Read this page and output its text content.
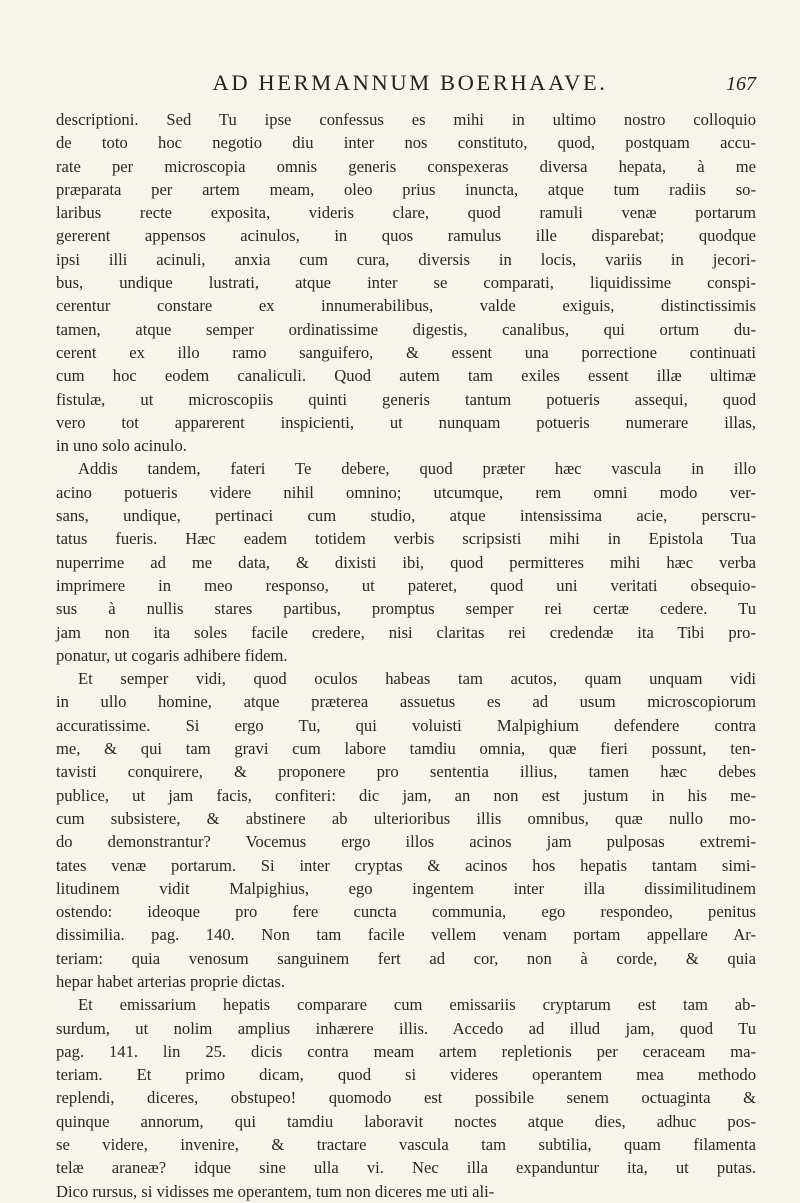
AD HERMANNUM BOERHAAVE.	167
descriptioni. Sed Tu ipse confessus es mihi in ultimo nostro colloquio
de toto hoc negotio diu inter nos constituto, quod, postquam accu-
rate per microscopia omnis generis conspexeras diversa hepata, à me
præparata per artem meam, oleo prius inuncta, atque tum radiis so-
laribus recte exposita, videris clare, quod ramuli venæ portarum
gererent appensos acinulos, in quos ramulus ille disparebat; quodque
ipsi illi acinuli, anxia cum cura, diversis in locis, variis in jecori-
bus, undique lustrati, atque inter se comparati, liquidissime conspi-
cerentur constare ex innumerabilibus, valde exiguis, distinctissimis
tamen, atque semper ordinatissime digestis, canalibus, qui ortum du-
cerent ex illo ramo sanguifero, & essent una porrectione continuati
cum hoc eodem canaliculi. Quod autem tam exiles essent illæ ultimæ
fistulæ, ut microscopiis quinti generis tantum potueris assequi, quod
vero tot apparerent inspicienti, ut nunquam potueris numerare illas,
in uno solo acinulo.
Addis tandem, fateri Te debere, quod præter hæc vascula in illo
acino potueris videre nihil omnino; utcumque, rem omni modo ver-
sans, undique, pertinaci cum studio, atque intensissima acie, perscru-
tatus fueris. Hæc eadem totidem verbis scripsisti mihi in Epistola Tua
nuperrime ad me data, & dixisti ibi, quod permitteres mihi hæc verba
imprimere in meo responso, ut pateret, quod uni veritati obsequio-
sus à nullis stares partibus, promptus semper rei certæ cedere. Tu
jam non ita soles facile credere, nisi claritas rei credendæ ita Tibi pro-
ponatur, ut cogaris adhibere fidem.
Et semper vidi, quod oculos habeas tam acutos, quam unquam vidi
in ullo homine, atque præterea assuetus es ad usum microscopiorum
accuratissime. Si ergo Tu, qui voluisti Malpighium defendere contra
me, & qui tam gravi cum labore tamdiu omnia, quæ fieri possunt, ten-
tavisti conquirere, & proponere pro sententia illius, tamen hæc debes
publice, ut jam facis, confiteri: dic jam, an non est justum in his me-
cum subsistere, & abstinere ab ulterioribus illis omnibus, quæ nullo mo-
do demonstrantur? Vocemus ergo illos acinos jam pulposas extremi-
tates venæ portarum. Si inter cryptas & acinos hos hepatis tantam simi-
litudinem vidit Malpighius, ego ingentem inter illa dissimilitudinem
ostendo: ideoque pro fere cuncta communia, ego respondeo, penitus
dissimilia. pag. 140. Non tam facile vellem venam portam appellare Ar-
teriam: quia venosum sanguinem fert ad cor, non à corde, & quia
hepar habet arterias proprie dictas.
Et emissarium hepatis comparare cum emissariis cryptarum est tam ab-
surdum, ut nolim amplius inhærere illis. Accedo ad illud jam, quod Tu
pag. 141. lin 25. dicis contra meam artem repletionis per ceraceam ma-
teriam. Et primo dicam, quod si videres operantem mea methodo
replendi, diceres, obstupeo! quomodo est possibile senem octuaginta &
quinque annorum, qui tamdiu laboravit noctes atque dies, adhuc pos-
se videre, invenire, & tractare vascula tam subtilia, quam filamenta
telæ araneæ? idque sine ulla vi. Nec illa expanduntur ita, ut putas.
Dico rursus, si vidisses me operantem, tum non diceres me uti ali-
